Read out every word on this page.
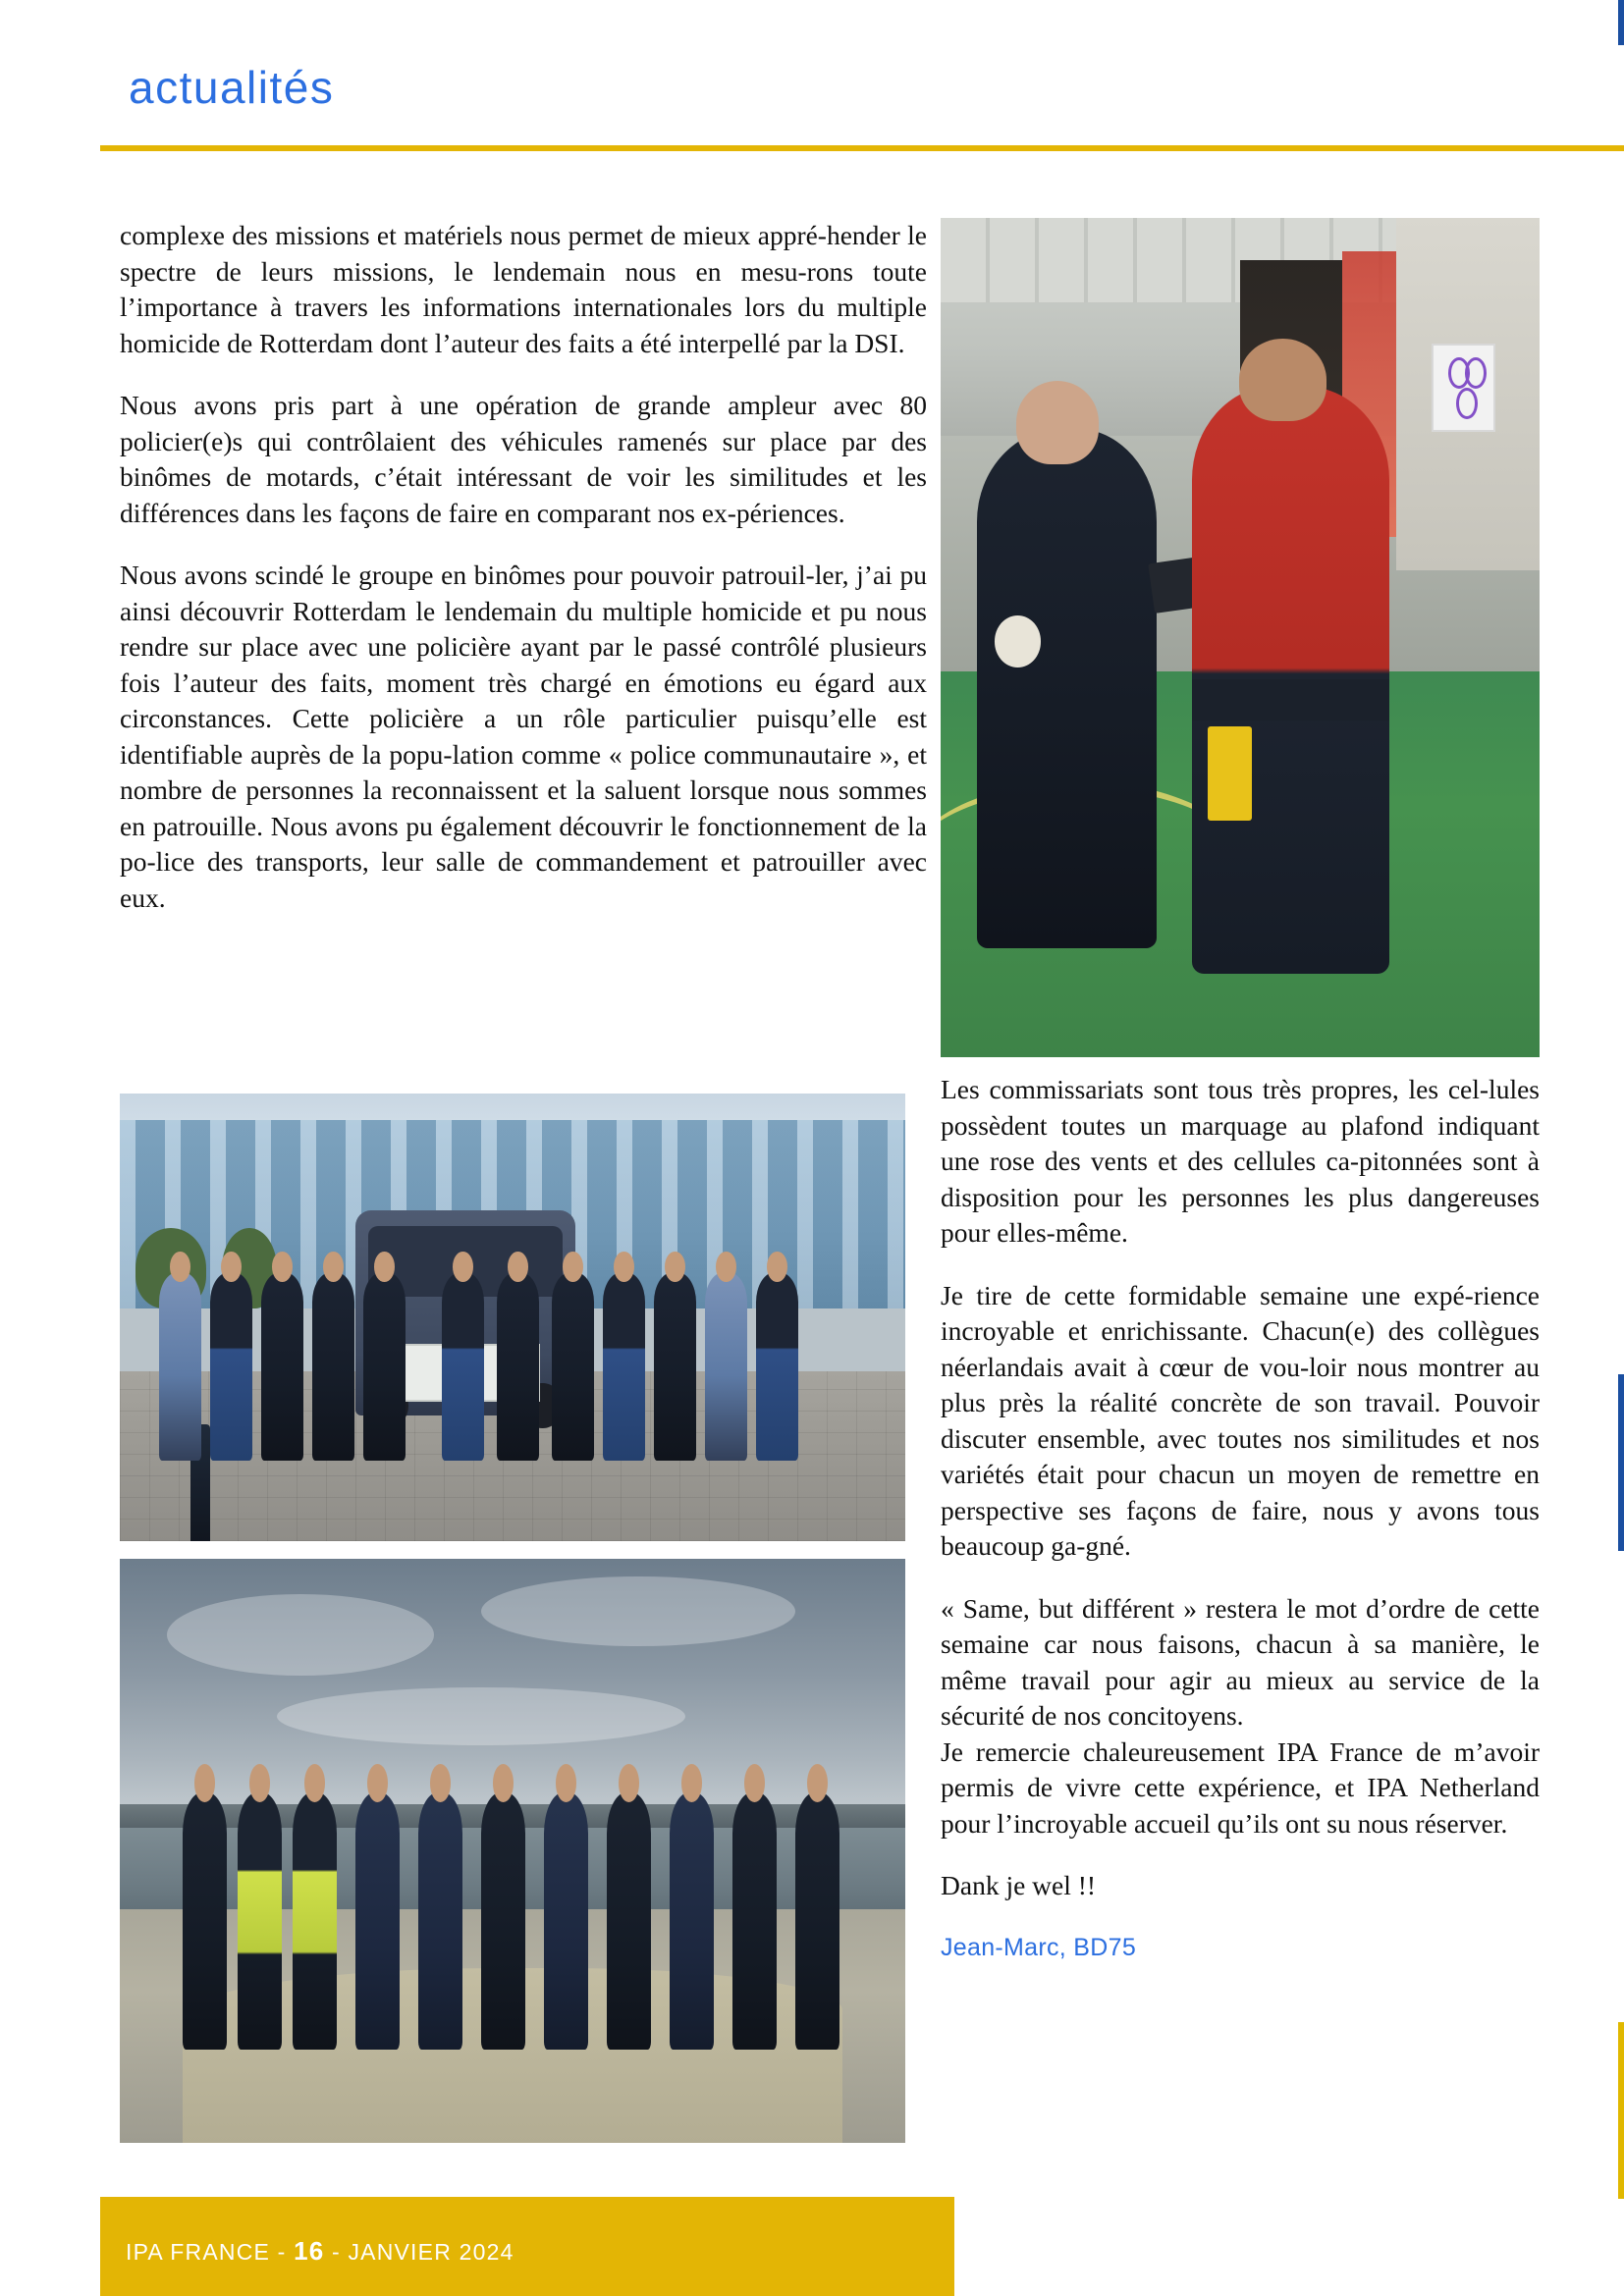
actualités

complexe des missions et matériels nous permet de mieux appré-hender le spectre de leurs missions, le lendemain nous en mesu-rons toute l’importance à travers les informations internationales lors du multiple homicide de Rotterdam dont l’auteur des faits a été interpellé par la DSI.

Nous avons pris part à une opération de grande ampleur avec 80 policier(e)s qui contrôlaient des véhicules ramenés sur place par des binômes de motards, c’était intéressant de voir les similitudes et les différences dans les façons de faire en comparant nos ex-périences.

Nous avons scindé le groupe en binômes pour pouvoir patrouil-ler, j’ai pu ainsi découvrir Rotterdam le lendemain du multiple homicide et pu nous rendre sur place avec une policière ayant par le passé contrôlé plusieurs fois l’auteur des faits, moment très chargé en émotions eu égard aux circonstances. Cette policière a un rôle particulier puisqu’elle est identifiable auprès de la popu-lation comme « police communautaire », et nombre de personnes la reconnaissent et la saluent lorsque nous sommes en patrouille. Nous avons pu également découvrir le fonctionnement de la po-lice des transports, leur salle de commandement et patrouiller avec eux.

Les commissariats sont tous très propres, les cel-lules possèdent toutes un marquage au plafond indiquant une rose des vents et des cellules ca-pitonnées sont à disposition pour les personnes les plus dangereuses pour elles-même.

Je tire de cette formidable semaine une expé-rience incroyable et enrichissante. Chacun(e) des collègues néerlandais avait à cœur de vou-loir nous montrer au plus près la réalité concrète de son travail. Pouvoir discuter ensemble, avec toutes nos similitudes et nos variétés était pour chacun un moyen de remettre en perspective ses façons de faire, nous y avons tous beaucoup ga-gné.

« Same, but différent » restera le mot d’ordre de cette semaine car nous faisons, chacun à sa manière, le même travail pour agir au mieux au service de la sécurité de nos concitoyens.

Je remercie chaleureusement IPA France de m’avoir permis de vivre cette expérience, et IPA Netherland pour l’incroyable accueil qu’ils ont su nous réserver.

Dank je wel !!

Jean-Marc, BD75
IPA FRANCE - 16 - JANVIER 2024
